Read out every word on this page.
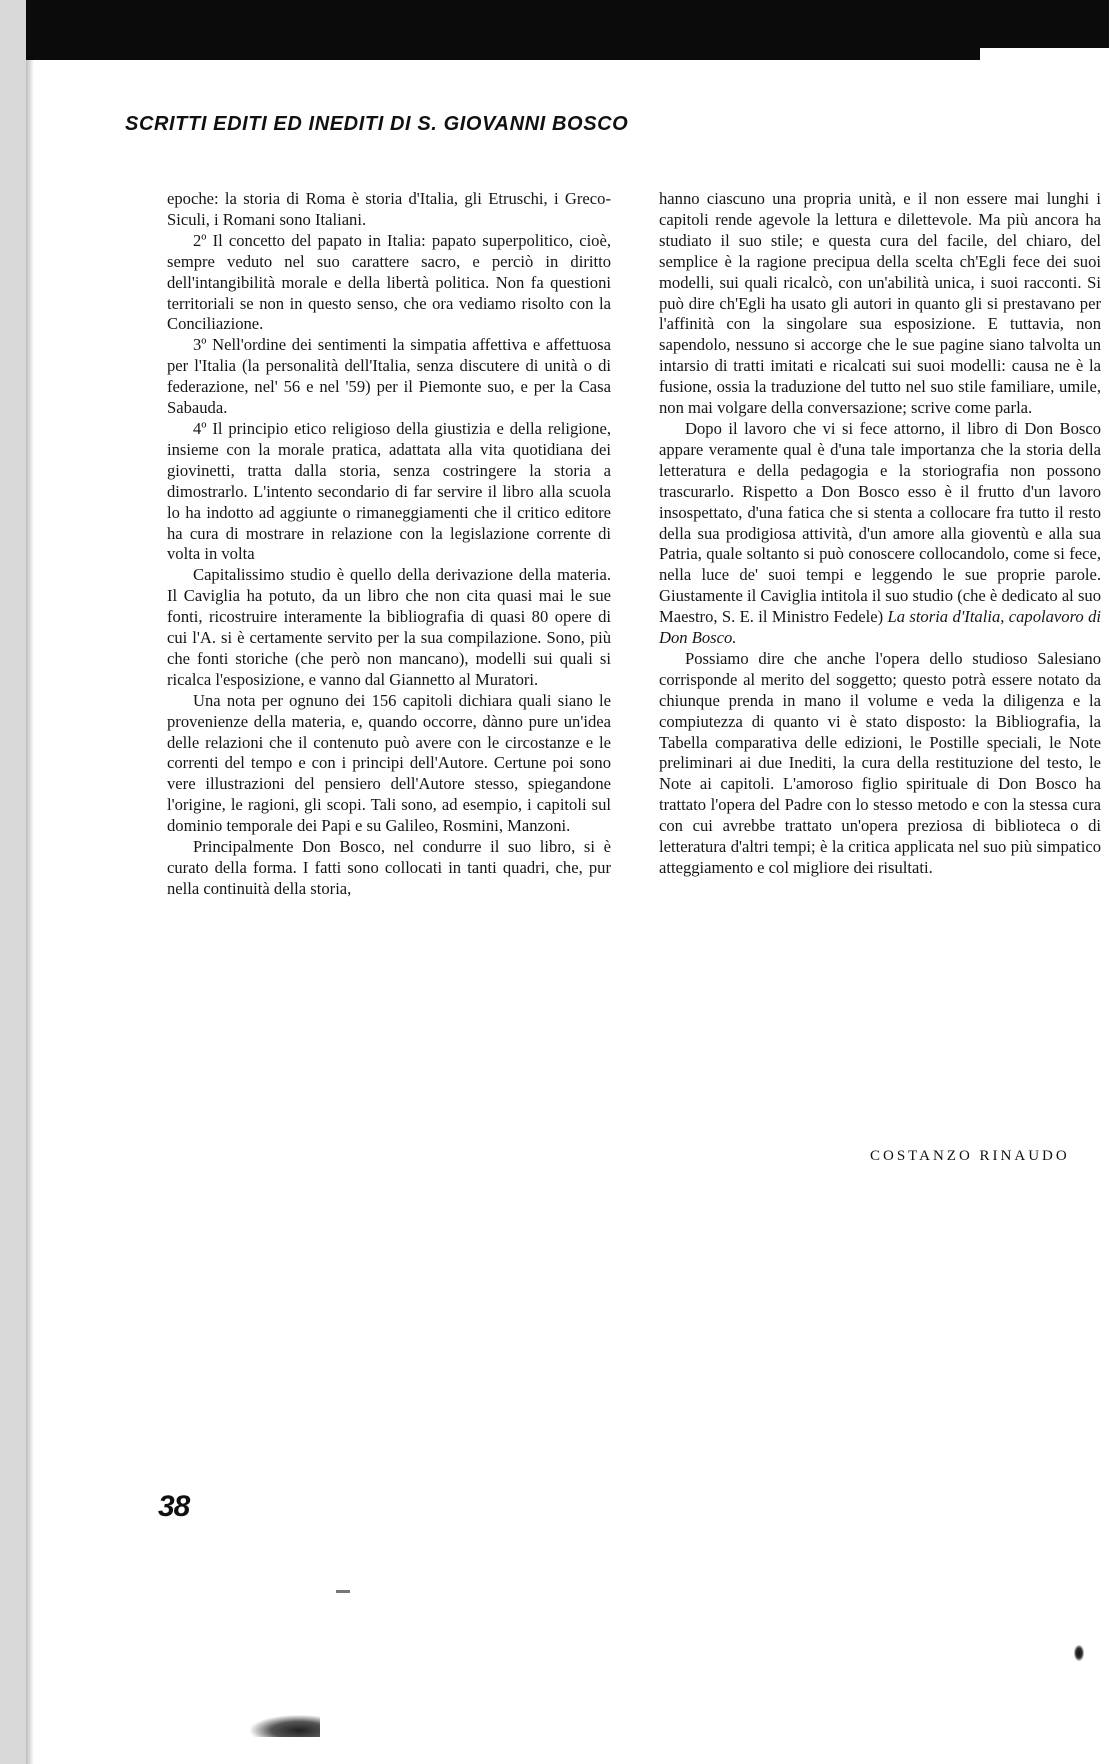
SCRITTI EDITI ED INEDITI DI S. GIOVANNI BOSCO

epoche: la storia di Roma è storia d'Italia, gli Etruschi, i Greco-Siculi, i Romani sono Italiani.

2º Il concetto del papato in Italia: papato superpolitico, cioè, sempre veduto nel suo carattere sacro, e perciò in diritto dell'intangibilità morale e della libertà politica. Non fa questioni territoriali se non in questo senso, che ora vediamo risolto con la Conciliazione.

3º Nell'ordine dei sentimenti la simpatia affettiva e affettuosa per l'Italia (la personalità dell'Italia, senza discutere di unità o di federazione, nel' 56 e nel '59) per il Piemonte suo, e per la Casa Sabauda.

4º Il principio etico religioso della giustizia e della religione, insieme con la morale pratica, adattata alla vita quotidiana dei giovinetti, tratta dalla storia, senza costringere la storia a dimostrarlo. L'intento secondario di far servire il libro alla scuola lo ha indotto ad aggiunte o rimaneggiamenti che il critico editore ha cura di mostrare in relazione con la legislazione corrente di volta in volta

Capitalissimo studio è quello della derivazione della materia. Il Caviglia ha potuto, da un libro che non cita quasi mai le sue fonti, ricostruire interamente la bibliografia di quasi 80 opere di cui l'A. si è certamente servito per la sua compilazione. Sono, più che fonti storiche (che però non mancano), modelli sui quali si ricalca l'esposizione, e vanno dal Giannetto al Muratori.

Una nota per ognuno dei 156 capitoli dichiara quali siano le provenienze della materia, e, quando occorre, dànno pure un'idea delle relazioni che il contenuto può avere con le circostanze e le correnti del tempo e con i principi dell'Autore. Certune poi sono vere illustrazioni del pensiero dell'Autore stesso, spiegandone l'origine, le ragioni, gli scopi. Tali sono, ad esempio, i capitoli sul dominio temporale dei Papi e su Galileo, Rosmini, Manzoni.

Principalmente Don Bosco, nel condurre il suo libro, si è curato della forma. I fatti sono collocati in tanti quadri, che, pur nella continuità della storia,

hanno ciascuno una propria unità, e il non essere mai lunghi i capitoli rende agevole la lettura e dilettevole. Ma più ancora ha studiato il suo stile; e questa cura del facile, del chiaro, del semplice è la ragione precipua della scelta ch'Egli fece dei suoi modelli, sui quali ricalcò, con un'abilità unica, i suoi racconti. Si può dire ch'Egli ha usato gli autori in quanto gli si prestavano per l'affinità con la singolare sua esposizione. E tuttavia, non sapendolo, nessuno si accorge che le sue pagine siano talvolta un intarsio di tratti imitati e ricalcati sui suoi modelli: causa ne è la fusione, ossia la traduzione del tutto nel suo stile familiare, umile, non mai volgare della conversazione; scrive come parla.

Dopo il lavoro che vi si fece attorno, il libro di Don Bosco appare veramente qual è d'una tale importanza che la storia della letteratura e della pedagogia e la storiografia non possono trascurarlo. Rispetto a Don Bosco esso è il frutto d'un lavoro insospettato, d'una fatica che si stenta a collocare fra tutto il resto della sua prodigiosa attività, d'un amore alla gioventù e alla sua Patria, quale soltanto si può conoscere collocandolo, come si fece, nella luce de' suoi tempi e leggendo le sue proprie parole. Giustamente il Caviglia intitola il suo studio (che è dedicato al suo Maestro, S. E. il Ministro Fedele) La storia d'Italia, capolavoro di Don Bosco.

Possiamo dire che anche l'opera dello studioso Salesiano corrisponde al merito del soggetto; questo potrà essere notato da chiunque prenda in mano il volume e veda la diligenza e la compiutezza di quanto vi è stato disposto: la Bibliografia, la Tabella comparativa delle edizioni, le Postille speciali, le Note preliminari ai due Inediti, la cura della restituzione del testo, le Note ai capitoli. L'amoroso figlio spirituale di Don Bosco ha trattato l'opera del Padre con lo stesso metodo e con la stessa cura con cui avrebbe trattato un'opera preziosa di biblioteca o di letteratura d'altri tempi; è la critica applicata nel suo più simpatico atteggiamento e col migliore dei risultati.

COSTANZO RINAUDO
38
